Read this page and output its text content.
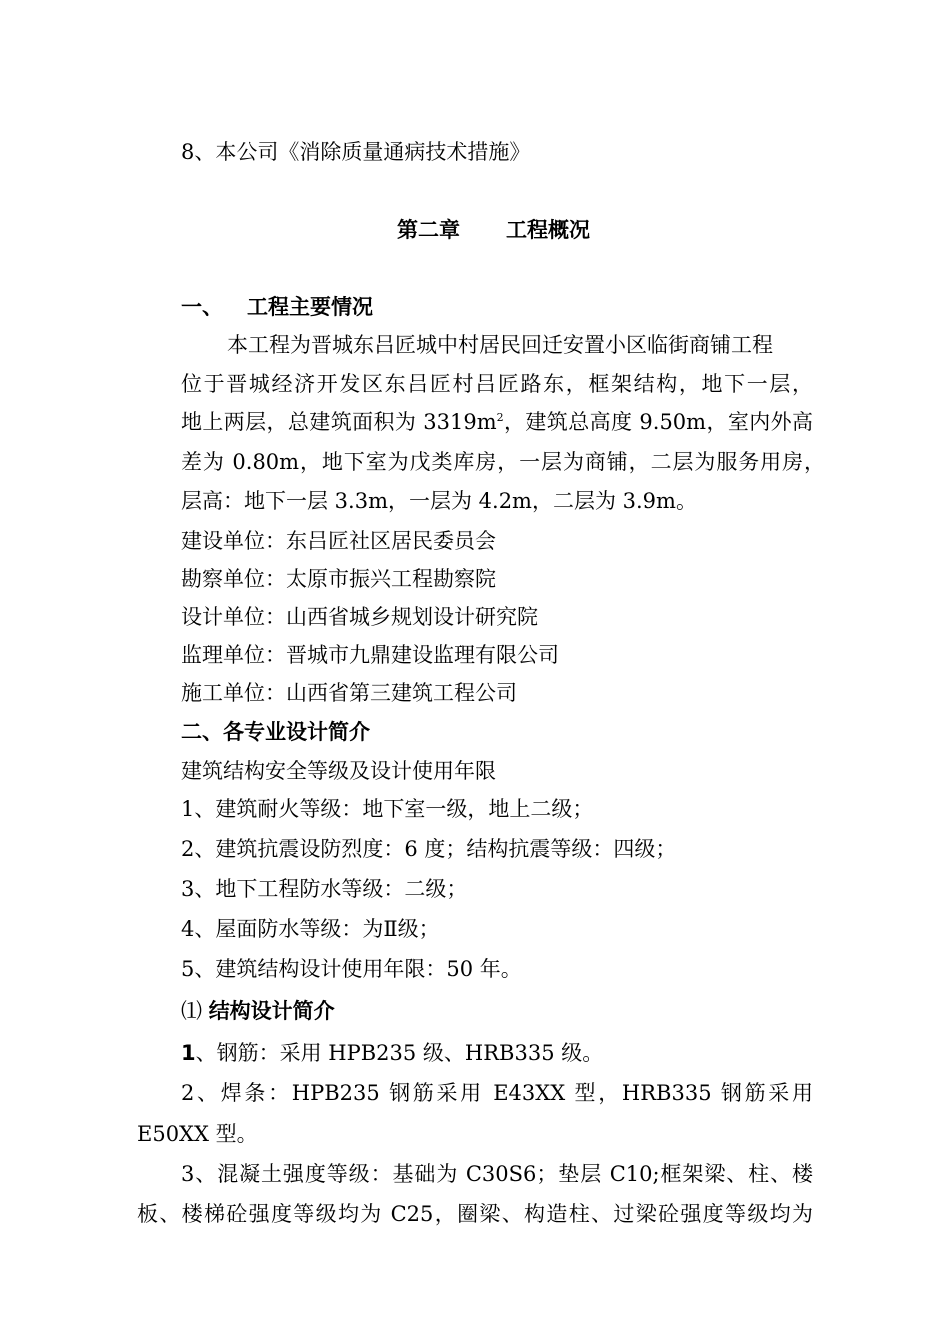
8、本公司《消除质量通病技术措施》
第二章 工程概况
一、 工程主要情况
本工程为晋城东吕匠城中村居民回迁安置小区临街商铺工程
位于晋城经济开发区东吕匠村吕匠路东，框架结构，地下一层，
地上两层，总建筑面积为 $3319m^2$，建筑总高度 9.50m，室内外高
差为 0.80m，地下室为戊类库房，一层为商铺，二层为服务用房，
层高：地下一层 3.3m，一层为 4.2m，二层为 3.9m。
建设单位：东吕匠社区居民委员会
勘察单位：太原市振兴工程勘察院
设计单位：山西省城乡规划设计研究院
监理单位：晋城市九鼎建设监理有限公司
施工单位：山西省第三建筑工程公司
二、各专业设计简介
建筑结构安全等级及设计使用年限
1、建筑耐火等级：地下室一级，地上二级；
2、建筑抗震设防烈度：6 度；结构抗震等级：四级；
3、地下工程防水等级：二级；
4、屋面防水等级：为Ⅱ级；
5、建筑结构设计使用年限：50 年。
⑴ 结构设计简介
1、钢筋：采用 HPB235 级、HRB335 级。
2、焊条：HPB235 钢筋采用 E43XX 型，HRB335 钢筋采用
E50XX 型。
3、混凝土强度等级：基础为 C30S6；垫层 C10;框架梁、柱、楼
板、楼梯砼强度等级均为 C25，圈梁、构造柱、过梁砼强度等级均为
